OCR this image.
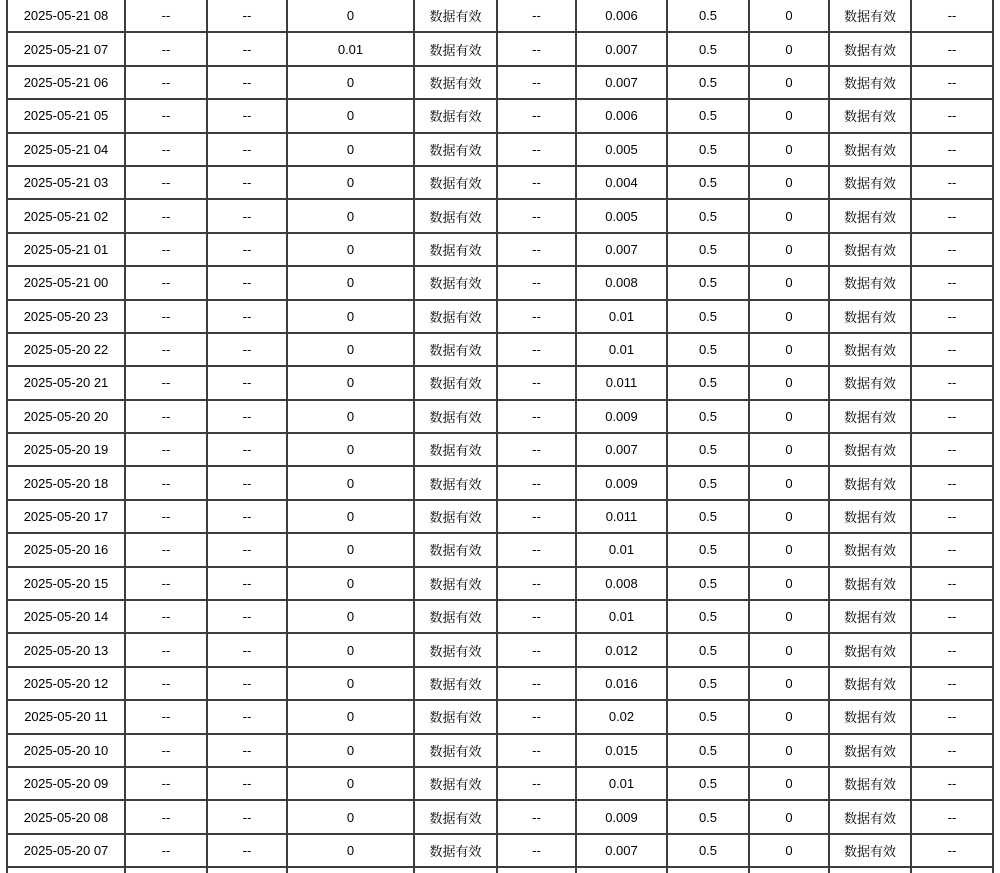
2025-05-21 08	--	--	0	数据有效	--	0.006	0.5	0	数据有效	--
2025-05-21 07	--	--	0.01	数据有效	--	0.007	0.5	0	数据有效	--
2025-05-21 06	--	--	0	数据有效	--	0.007	0.5	0	数据有效	--
2025-05-21 05	--	--	0	数据有效	--	0.006	0.5	0	数据有效	--
2025-05-21 04	--	--	0	数据有效	--	0.005	0.5	0	数据有效	--
2025-05-21 03	--	--	0	数据有效	--	0.004	0.5	0	数据有效	--
2025-05-21 02	--	--	0	数据有效	--	0.005	0.5	0	数据有效	--
2025-05-21 01	--	--	0	数据有效	--	0.007	0.5	0	数据有效	--
2025-05-21 00	--	--	0	数据有效	--	0.008	0.5	0	数据有效	--
2025-05-20 23	--	--	0	数据有效	--	0.01	0.5	0	数据有效	--
2025-05-20 22	--	--	0	数据有效	--	0.01	0.5	0	数据有效	--
2025-05-20 21	--	--	0	数据有效	--	0.011	0.5	0	数据有效	--
2025-05-20 20	--	--	0	数据有效	--	0.009	0.5	0	数据有效	--
2025-05-20 19	--	--	0	数据有效	--	0.007	0.5	0	数据有效	--
2025-05-20 18	--	--	0	数据有效	--	0.009	0.5	0	数据有效	--
2025-05-20 17	--	--	0	数据有效	--	0.011	0.5	0	数据有效	--
2025-05-20 16	--	--	0	数据有效	--	0.01	0.5	0	数据有效	--
2025-05-20 15	--	--	0	数据有效	--	0.008	0.5	0	数据有效	--
2025-05-20 14	--	--	0	数据有效	--	0.01	0.5	0	数据有效	--
2025-05-20 13	--	--	0	数据有效	--	0.012	0.5	0	数据有效	--
2025-05-20 12	--	--	0	数据有效	--	0.016	0.5	0	数据有效	--
2025-05-20 11	--	--	0	数据有效	--	0.02	0.5	0	数据有效	--
2025-05-20 10	--	--	0	数据有效	--	0.015	0.5	0	数据有效	--
2025-05-20 09	--	--	0	数据有效	--	0.01	0.5	0	数据有效	--
2025-05-20 08	--	--	0	数据有效	--	0.009	0.5	0	数据有效	--
2025-05-20 07	--	--	0	数据有效	--	0.007	0.5	0	数据有效	--
